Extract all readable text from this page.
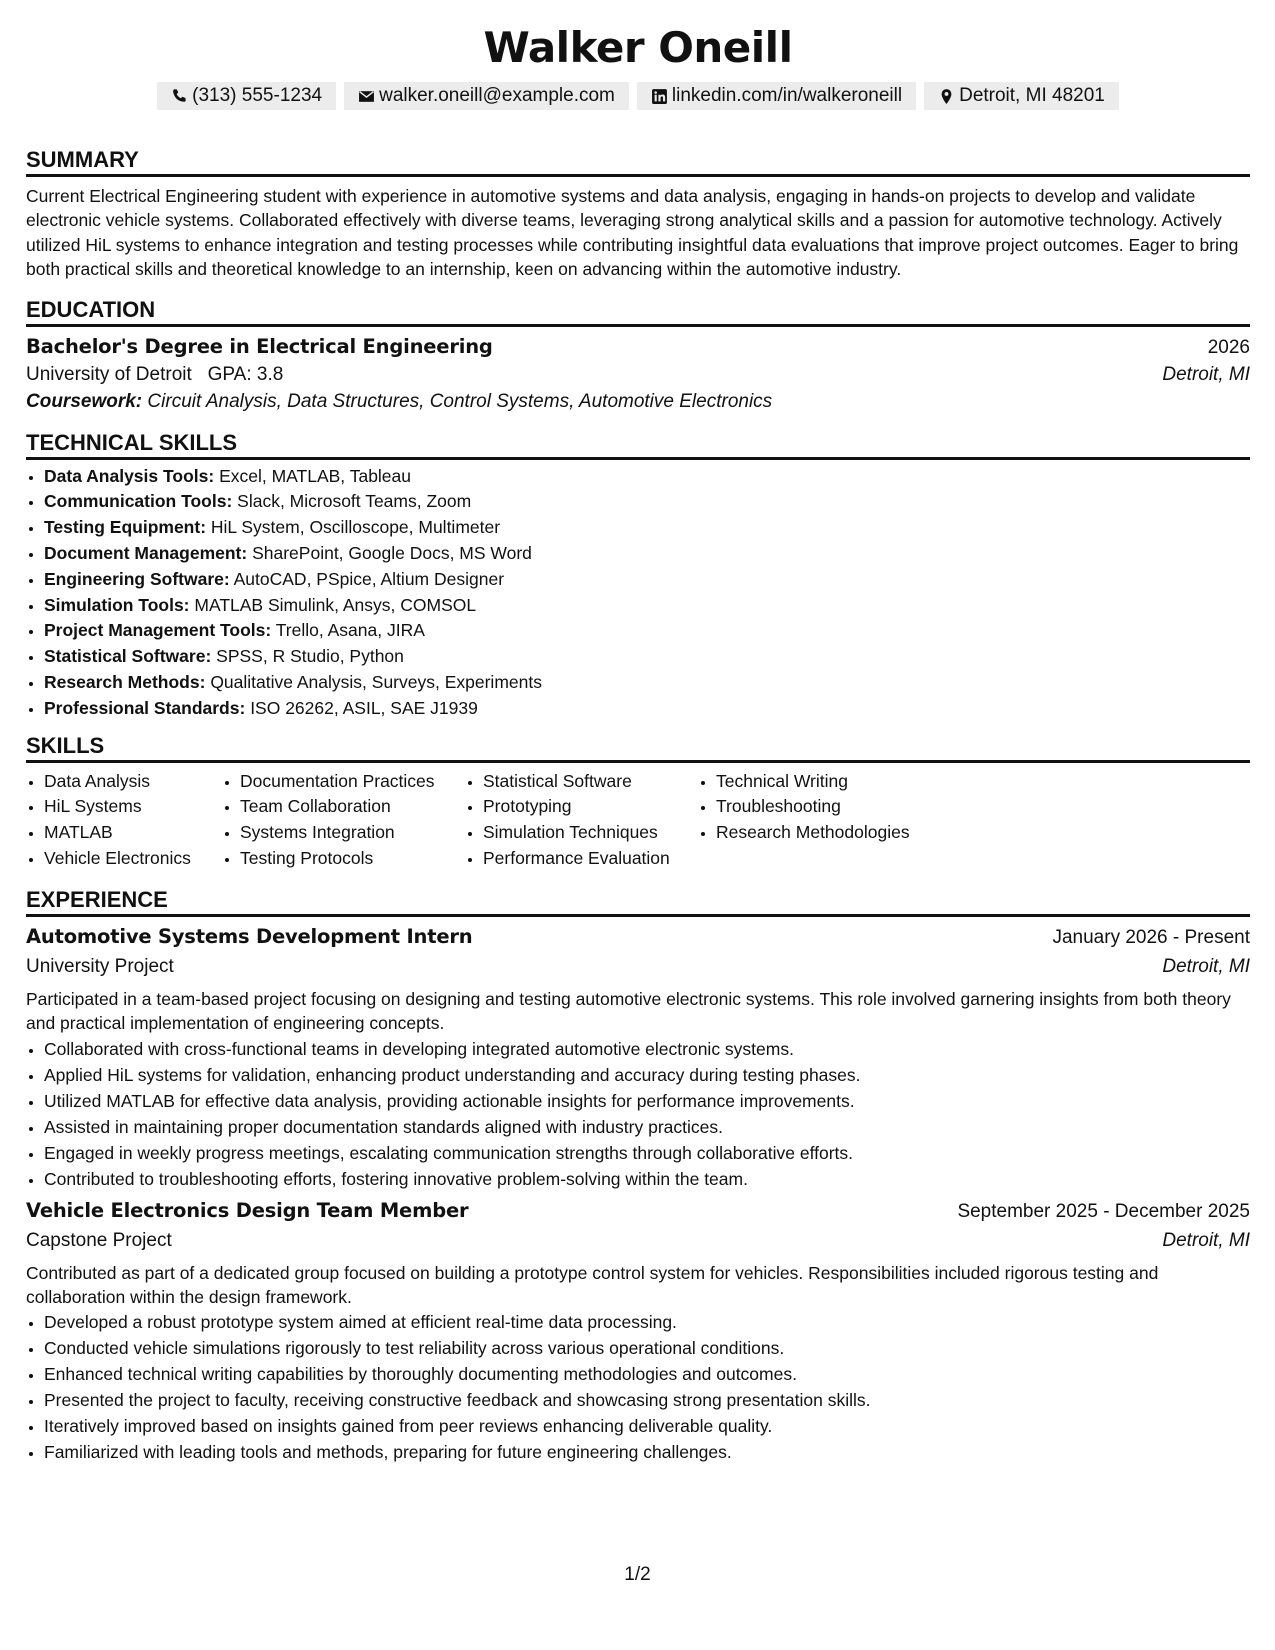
Walker Oneill
(313) 555-1234	walker.oneill@example.com	linkedin.com/in/walkeroneill	Detroit, MI 48201
SUMMARY
Current Electrical Engineering student with experience in automotive systems and data analysis, engaging in hands-on projects to develop and validate electronic vehicle systems. Collaborated effectively with diverse teams, leveraging strong analytical skills and a passion for automotive technology. Actively utilized HiL systems to enhance integration and testing processes while contributing insightful data evaluations that improve project outcomes. Eager to bring both practical skills and theoretical knowledge to an internship, keen on advancing within the automotive industry.
EDUCATION
Bachelor's Degree in Electrical Engineering	2026
University of Detroit GPA: 3.8	Detroit, MI
Coursework: Circuit Analysis, Data Structures, Control Systems, Automotive Electronics
TECHNICAL SKILLS
• Data Analysis Tools: Excel, MATLAB, Tableau
• Communication Tools: Slack, Microsoft Teams, Zoom
• Testing Equipment: HiL System, Oscilloscope, Multimeter
• Document Management: SharePoint, Google Docs, MS Word
• Engineering Software: AutoCAD, PSpice, Altium Designer
• Simulation Tools: MATLAB Simulink, Ansys, COMSOL
• Project Management Tools: Trello, Asana, JIRA
• Statistical Software: SPSS, R Studio, Python
• Research Methods: Qualitative Analysis, Surveys, Experiments
• Professional Standards: ISO 26262, ASIL, SAE J1939
SKILLS
• Data Analysis
• HiL Systems
• MATLAB
• Vehicle Electronics
• Documentation Practices
• Team Collaboration
• Systems Integration
• Testing Protocols
• Statistical Software
• Prototyping
• Simulation Techniques
• Performance Evaluation
• Technical Writing
• Troubleshooting
• Research Methodologies
EXPERIENCE
Automotive Systems Development Intern	January 2026 - Present
University Project	Detroit, MI
Participated in a team-based project focusing on designing and testing automotive electronic systems. This role involved garnering insights from both theory and practical implementation of engineering concepts.
• Collaborated with cross-functional teams in developing integrated automotive electronic systems.
• Applied HiL systems for validation, enhancing product understanding and accuracy during testing phases.
• Utilized MATLAB for effective data analysis, providing actionable insights for performance improvements.
• Assisted in maintaining proper documentation standards aligned with industry practices.
• Engaged in weekly progress meetings, escalating communication strengths through collaborative efforts.
• Contributed to troubleshooting efforts, fostering innovative problem-solving within the team.
Vehicle Electronics Design Team Member	September 2025 - December 2025
Capstone Project	Detroit, MI
Contributed as part of a dedicated group focused on building a prototype control system for vehicles. Responsibilities included rigorous testing and collaboration within the design framework.
• Developed a robust prototype system aimed at efficient real-time data processing.
• Conducted vehicle simulations rigorously to test reliability across various operational conditions.
• Enhanced technical writing capabilities by thoroughly documenting methodologies and outcomes.
• Presented the project to faculty, receiving constructive feedback and showcasing strong presentation skills.
• Iteratively improved based on insights gained from peer reviews enhancing deliverable quality.
• Familiarized with leading tools and methods, preparing for future engineering challenges.
1/2
